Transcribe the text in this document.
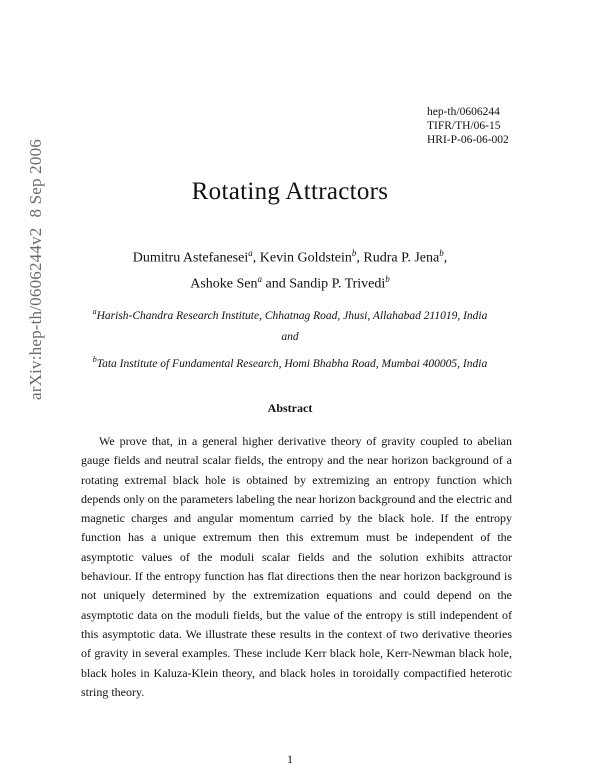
arXiv:hep-th/0606244v28 Sep 2006
hep-th/0606244
TIFR/TH/06-15
HRI-P-06-06-002
Rotating Attractors
Dumitru Astefanesei$^a$, Kevin Goldstein$^b$, Rudra P. Jena$^b$,
Ashoke Sen$^a$ and Sandip P. Trivedi$^b$
$^a$Harish-Chandra Research Institute, Chhatnag Road, Jhusi, Allahabad 211019, India
and
$^b$Tata Institute of Fundamental Research, Homi Bhabha Road, Mumbai 400005, India
Abstract
We prove that, in a general higher derivative theory of gravity coupled to abelian gauge fields and neutral scalar fields, the entropy and the near horizon background of a rotating extremal black hole is obtained by extremizing an entropy function which depends only on the parameters labeling the near horizon background and the electric and magnetic charges and angular momentum carried by the black hole. If the entropy function has a unique extremum then this extremum must be independent of the asymptotic values of the moduli scalar fields and the solution exhibits attractor behaviour. If the entropy function has flat directions then the near horizon background is not uniquely determined by the extremization equations and could depend on the asymptotic data on the moduli fields, but the value of the entropy is still independent of this asymptotic data. We illustrate these results in the context of two derivative theories of gravity in several examples. These include Kerr black hole, Kerr-Newman black hole, black holes in Kaluza-Klein theory, and black holes in toroidally compactified heterotic string theory.
1
